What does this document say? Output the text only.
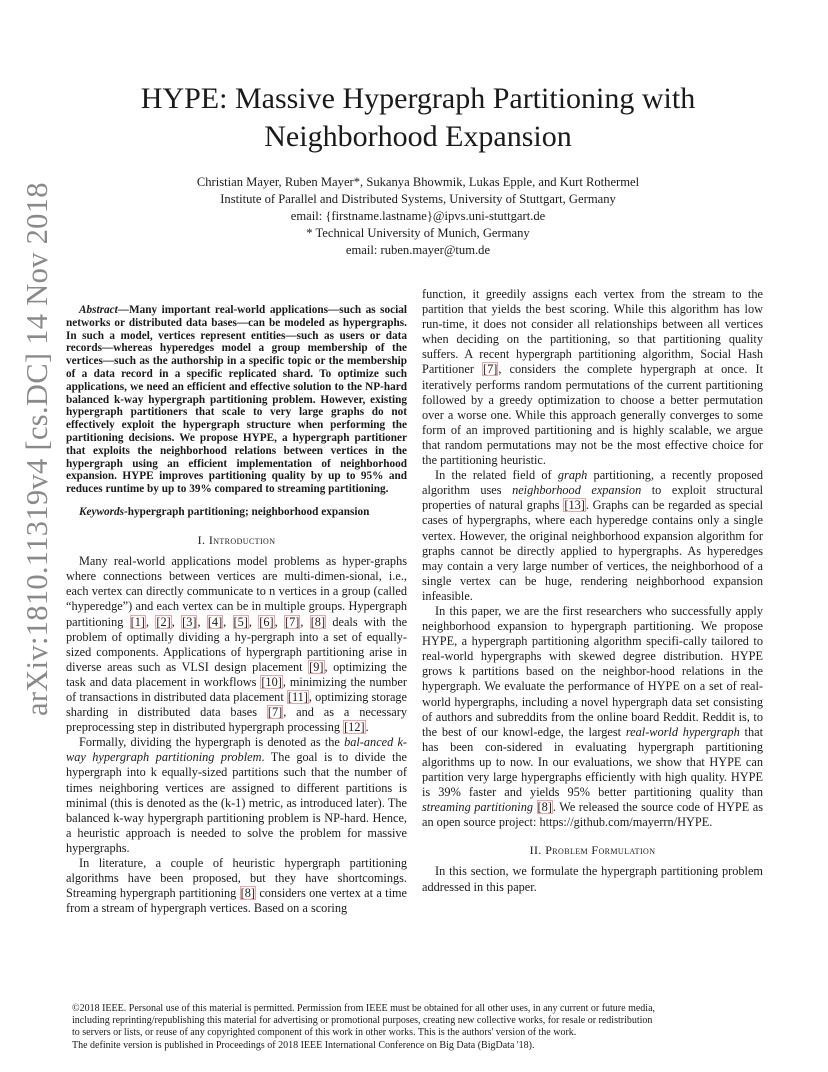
arXiv:1810.11319v4 [cs.DC] 14 Nov 2018
HYPE: Massive Hypergraph Partitioning with
Neighborhood Expansion
Christian Mayer, Ruben Mayer*, Sukanya Bhowmik, Lukas Epple, and Kurt Rothermel
Institute of Parallel and Distributed Systems, University of Stuttgart, Germany
email: {firstname.lastname}@ipvs.uni-stuttgart.de
* Technical University of Munich, Germany
email: ruben.mayer@tum.de

Abstract—Many important real-world applications—such as social networks or distributed data bases—can be modeled as hypergraphs. In such a model, vertices represent entities—such as users or data records—whereas hyperedges model a group membership of the vertices—such as the authorship in a specific topic or the membership of a data record in a specific replicated shard. To optimize such applications, we need an efficient and effective solution to the NP-hard balanced k-way hypergraph partitioning problem. However, existing hypergraph partitioners that scale to very large graphs do not effectively exploit the hypergraph structure when performing the partitioning decisions. We propose HYPE, a hypergraph partitioner that exploits the neighborhood relations between vertices in the hypergraph using an efficient implementation of neighborhood expansion. HYPE improves partitioning quality by up to 95% and reduces runtime by up to 39% compared to streaming partitioning.

Keywords-hypergraph partitioning; neighborhood expansion

I. Introduction

Many real-world applications model problems as hyper-graphs where connections between vertices are multi-dimen-sional, i.e., each vertex can directly communicate to n vertices in a group (called “hyperedge”) and each vertex can be in multiple groups. Hypergraph partitioning [1], [2], [3], [4], [5], [6], [7], [8] deals with the problem of optimally dividing a hy-pergraph into a set of equally-sized components. Applications of hypergraph partitioning arise in diverse areas such as VLSI design placement [9], optimizing the task and data placement in workflows [10], minimizing the number of transactions in distributed data placement [11], optimizing storage sharding in distributed data bases [7], and as a necessary preprocessing step in distributed hypergraph processing [12].

Formally, dividing the hypergraph is denoted as the bal-anced k-way hypergraph partitioning problem. The goal is to divide the hypergraph into k equally-sized partitions such that the number of times neighboring vertices are assigned to different partitions is minimal (this is denoted as the (k-1) metric, as introduced later). The balanced k-way hypergraph partitioning problem is NP-hard. Hence, a heuristic approach is needed to solve the problem for massive hypergraphs.

In literature, a couple of heuristic hypergraph partitioning algorithms have been proposed, but they have shortcomings. Streaming hypergraph partitioning [8] considers one vertex at a time from a stream of hypergraph vertices. Based on a scoring

function, it greedily assigns each vertex from the stream to the partition that yields the best scoring. While this algorithm has low run-time, it does not consider all relationships between all vertices when deciding on the partitioning, so that partitioning quality suffers. A recent hypergraph partitioning algorithm, Social Hash Partitioner [7], considers the complete hypergraph at once. It iteratively performs random permutations of the current partitioning followed by a greedy optimization to choose a better permutation over a worse one. While this approach generally converges to some form of an improved partitioning and is highly scalable, we argue that random permutations may not be the most effective choice for the partitioning heuristic.

In the related field of graph partitioning, a recently proposed algorithm uses neighborhood expansion to exploit structural properties of natural graphs [13]. Graphs can be regarded as special cases of hypergraphs, where each hyperedge contains only a single vertex. However, the original neighborhood expansion algorithm for graphs cannot be directly applied to hypergraphs. As hyperedges may contain a very large number of vertices, the neighborhood of a single vertex can be huge, rendering neighborhood expansion infeasible.

In this paper, we are the first researchers who successfully apply neighborhood expansion to hypergraph partitioning. We propose HYPE, a hypergraph partitioning algorithm specifi-cally tailored to real-world hypergraphs with skewed degree distribution. HYPE grows k partitions based on the neighbor-hood relations in the hypergraph. We evaluate the performance of HYPE on a set of real-world hypergraphs, including a novel hypergraph data set consisting of authors and subreddits from the online board Reddit. Reddit is, to the best of our knowl-edge, the largest real-world hypergraph that has been con-sidered in evaluating hypergraph partitioning algorithms up to now. In our evaluations, we show that HYPE can partition very large hypergraphs efficiently with high quality. HYPE is 39% faster and yields 95% better partitioning quality than streaming partitioning [8]. We released the source code of HYPE as an open source project: https://github.com/mayerrn/HYPE.

II. Problem Formulation

In this section, we formulate the hypergraph partitioning problem addressed in this paper.

©2018 IEEE. Personal use of this material is permitted. Permission from IEEE must be obtained for all other uses, in any current or future media,
including reprinting/republishing this material for advertising or promotional purposes, creating new collective works, for resale or redistribution
to servers or lists, or reuse of any copyrighted component of this work in other works. This is the authors' version of the work.
The definite version is published in Proceedings of 2018 IEEE International Conference on Big Data (BigData '18).
